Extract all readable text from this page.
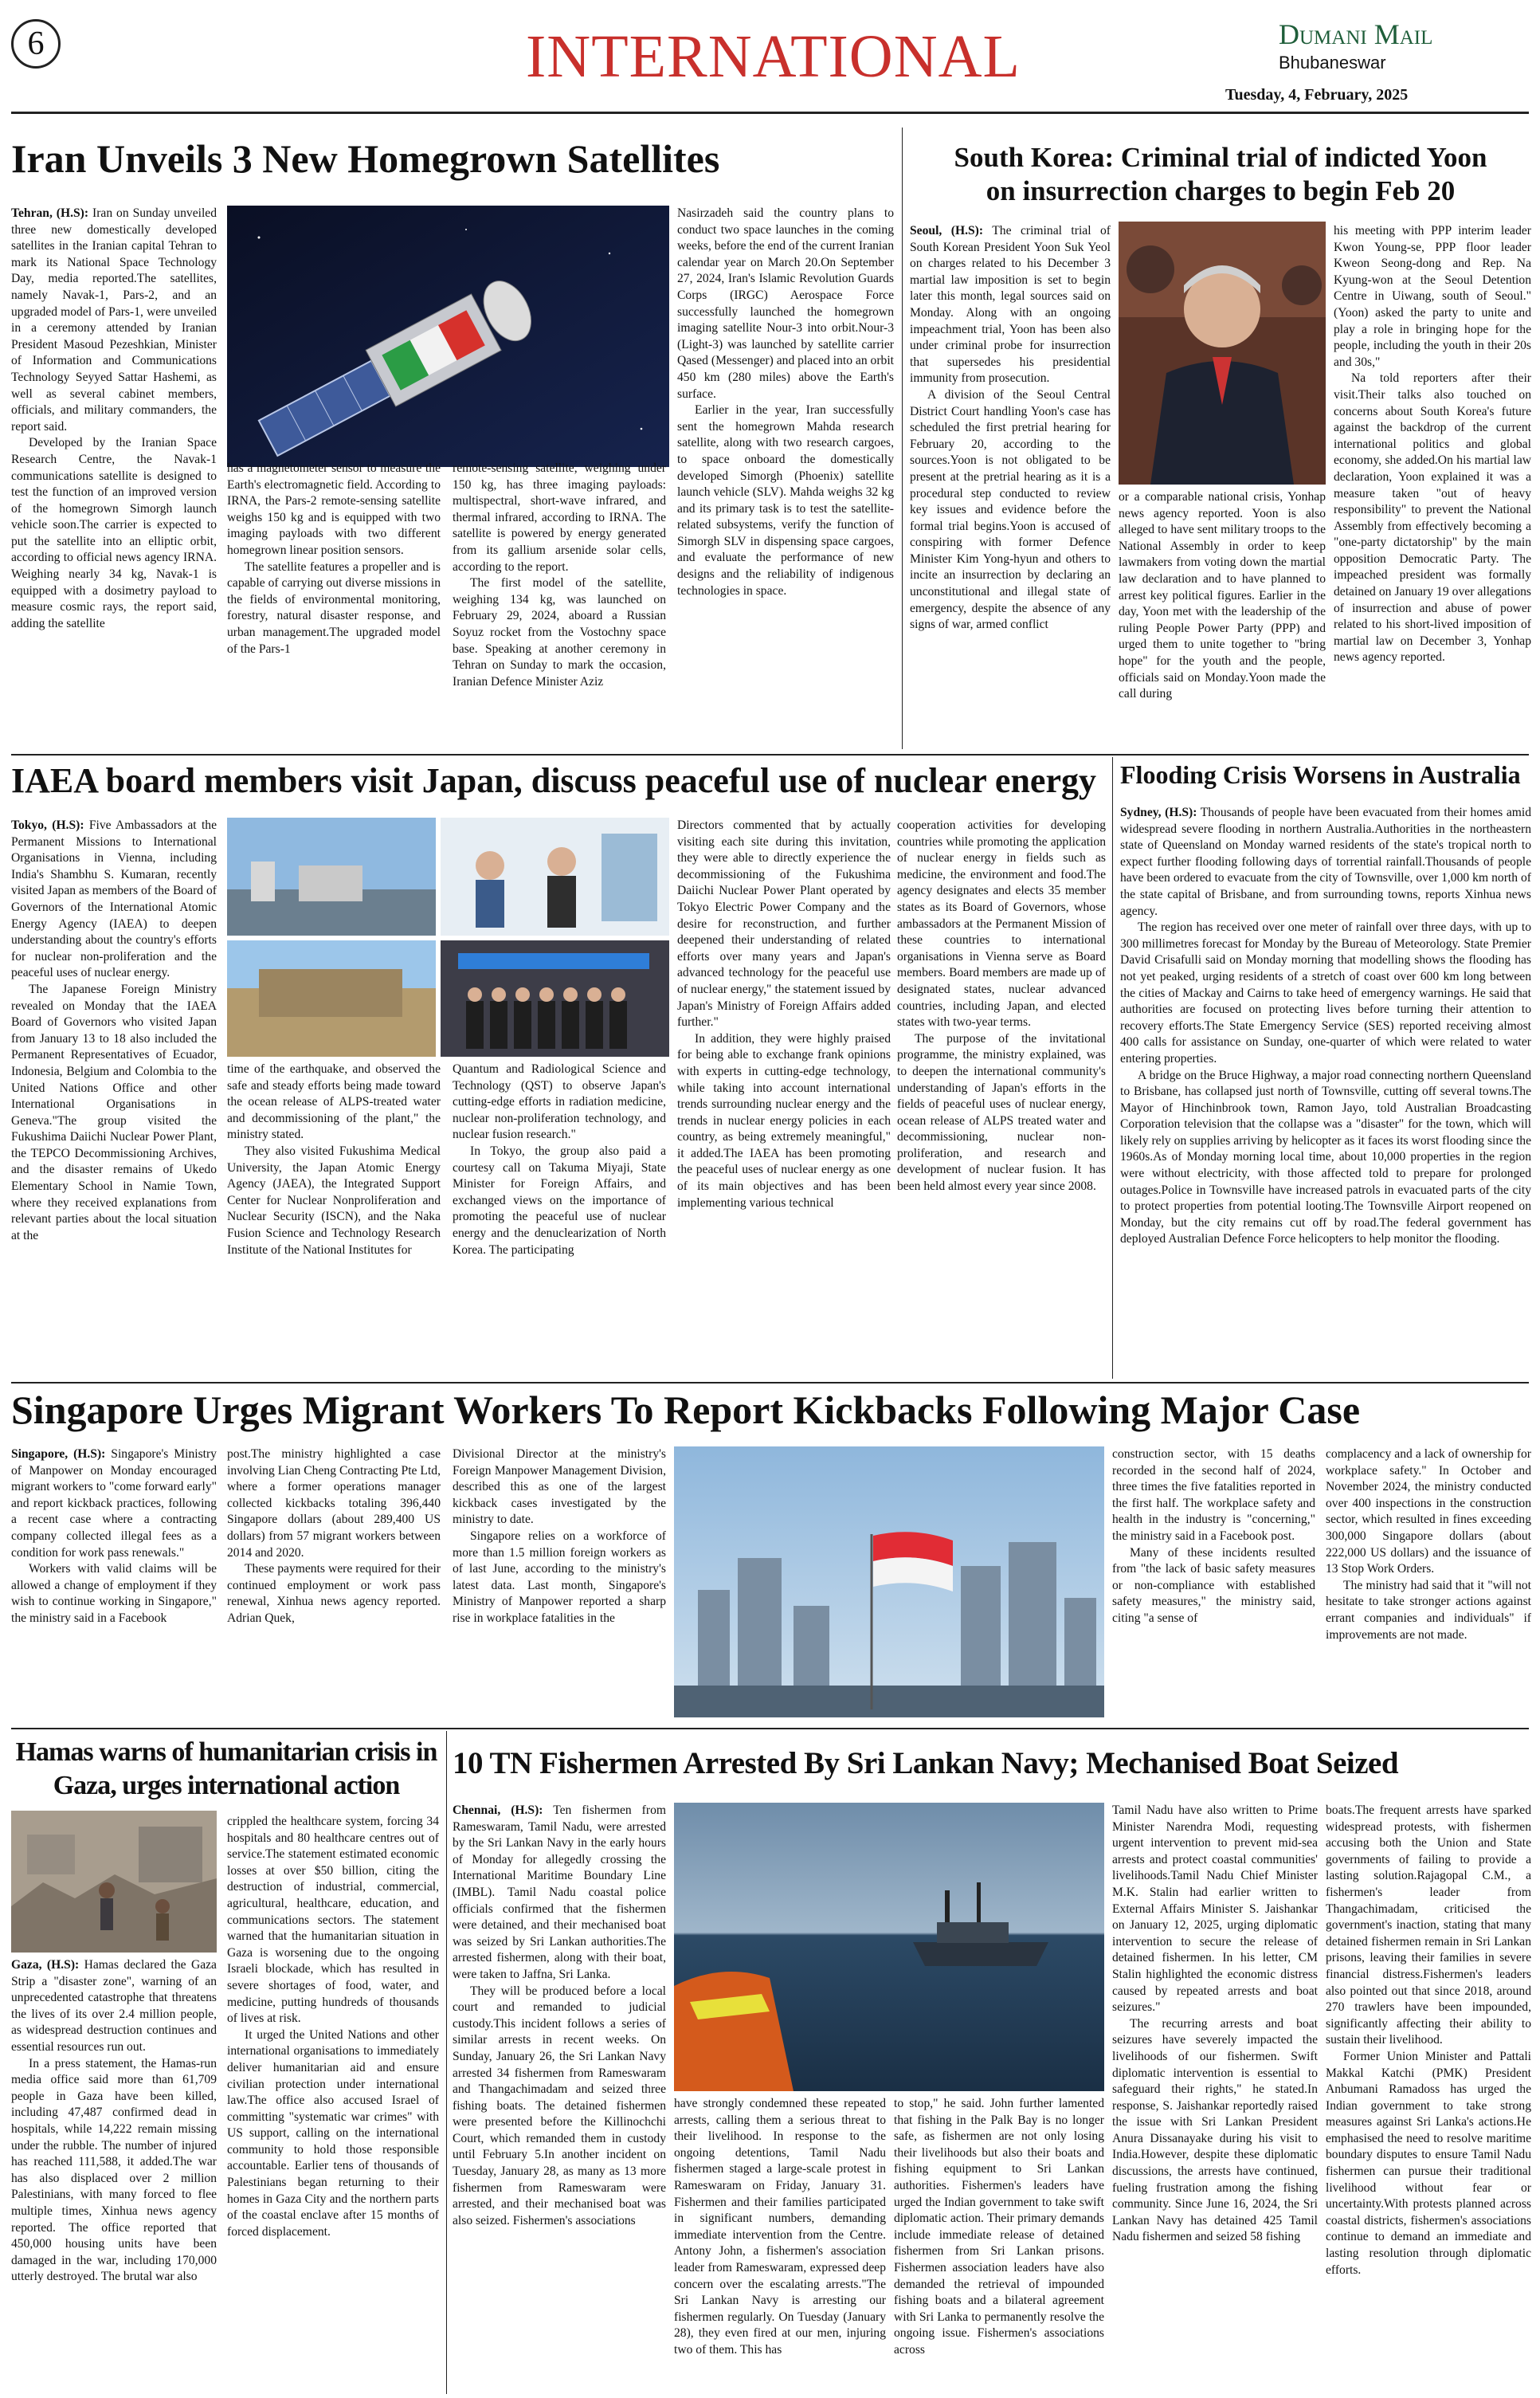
6	INTERNATIONAL	Dumani Mail
Bhubaneswar
Tuesday, 4, February, 2025
Iran Unveils 3 New Homegrown Satellites

Tehran, (H.S): Iran on Sunday unveiled three new domestically developed satellites in the Iranian capital Tehran to mark its National Space Technology Day, media reported.The satellites, namely Navak-1, Pars-2, and an upgraded model of Pars-1, were unveiled in a ceremony attended by Iranian President Masoud Pezeshkian, Minister of Information and Communications Technology Seyyed Sattar Hashemi, as well as several cabinet members, officials, and military commanders, the report said.

Developed by the Iranian Space Research Centre, the Navak-1 communications satellite is designed to test the function of an improved version of the homegrown Simorgh launch vehicle soon.The carrier is expected to put the satellite into an elliptic orbit, according to official news agency IRNA. Weighing nearly 34 kg, Navak-1 is equipped with a dosimetry payload to measure cosmic rays, the report said, adding the satellite

has a magnetometer sensor to measure the Earth's electromagnetic field. According to IRNA, the Pars-2 remote-sensing satellite weighs 150 kg and is equipped with two imaging payloads with two different homegrown linear position sensors.

The satellite features a propeller and is capable of carrying out diverse missions in the fields of environmental monitoring, forestry, natural disaster response, and urban management.The upgraded model of the Pars-1

remote-sensing satellite, weighing under 150 kg, has three imaging payloads: multispectral, short-wave infrared, and thermal infrared, according to IRNA. The satellite is powered by energy generated from its gallium arsenide solar cells, according to the report.

The first model of the satellite, weighing 134 kg, was launched on February 29, 2024, aboard a Russian Soyuz rocket from the Vostochny space base. Speaking at another ceremony in Tehran on Sunday to mark the occasion, Iranian Defence Minister Aziz

Nasirzadeh said the country plans to conduct two space launches in the coming weeks, before the end of the current Iranian calendar year on March 20.On September 27, 2024, Iran's Islamic Revolution Guards Corps (IRGC) Aerospace Force successfully launched the homegrown imaging satellite Nour-3 into orbit.Nour-3 (Light-3) was launched by satellite carrier Qased (Messenger) and placed into an orbit 450 km (280 miles) above the Earth's surface.

Earlier in the year, Iran successfully sent the homegrown Mahda research satellite, along with two research cargoes, to space onboard the domestically developed Simorgh (Phoenix) satellite launch vehicle (SLV). Mahda weighs 32 kg and its primary task is to test the satellite-related subsystems, verify the function of Simorgh SLV in dispensing space cargoes, and evaluate the performance of new designs and the reliability of indigenous technologies in space.

South Korea: Criminal trial of indicted Yoon
on insurrection charges to begin Feb 20

Seoul, (H.S): The criminal trial of South Korean President Yoon Suk Yeol on charges related to his December 3 martial law imposition is set to begin later this month, legal sources said on Monday. Along with an ongoing impeachment trial, Yoon has been also under criminal probe for insurrection that supersedes his presidential immunity from prosecution.

A division of the Seoul Central District Court handling Yoon's case has scheduled the first pretrial hearing for February 20, according to the sources.Yoon is not obligated to be present at the pretrial hearing as it is a procedural step conducted to review key issues and evidence before the formal trial begins.Yoon is accused of conspiring with former Defence Minister Kim Yong-hyun and others to incite an insurrection by declaring an unconstitutional and illegal state of emergency, despite the absence of any signs of war, armed conflict

or a comparable national crisis, Yonhap news agency reported. Yoon is also alleged to have sent military troops to the National Assembly in order to keep lawmakers from voting down the martial law declaration and to have planned to arrest key political figures. Earlier in the day, Yoon met with the leadership of the ruling People Power Party (PPP) and urged them to unite together to "bring hope" for the youth and the people, officials said on Monday.Yoon made the call during

his meeting with PPP interim leader Kwon Young-se, PPP floor leader Kweon Seong-dong and Rep. Na Kyung-won at the Seoul Detention Centre in Uiwang, south of Seoul."(Yoon) asked the party to unite and play a role in bringing hope for the people, including the youth in their 20s and 30s,"

Na told reporters after their visit.Their talks also touched on concerns about South Korea's future against the backdrop of the current international politics and global economy, she added.On his martial law declaration, Yoon explained it was a measure taken "out of heavy responsibility" to prevent the National Assembly from effectively becoming a "one-party dictatorship" by the main opposition Democratic Party. The impeached president was formally detained on January 19 over allegations of insurrection and abuse of power related to his short-lived imposition of martial law on December 3, Yonhap news agency reported.

IAEA board members visit Japan, discuss peaceful use of nuclear energy

Tokyo, (H.S): Five Ambassadors at the Permanent Missions to International Organisations in Vienna, including India's Shambhu S. Kumaran, recently visited Japan as members of the Board of Governors of the International Atomic Energy Agency (IAEA) to deepen understanding about the country's efforts for nuclear non-proliferation and the peaceful uses of nuclear energy.

The Japanese Foreign Ministry revealed on Monday that the IAEA Board of Governors who visited Japan from January 13 to 18 also included the Permanent Representatives of Ecuador, Indonesia, Belgium and Colombia to the United Nations Office and other International Organisations in Geneva."The group visited the Fukushima Daiichi Nuclear Power Plant, the TEPCO Decommissioning Archives, and the disaster remains of Ukedo Elementary School in Namie Town, where they received explanations from relevant parties about the local situation at the

time of the earthquake, and observed the safe and steady efforts being made toward the ocean release of ALPS-treated water and decommissioning of the plant," the ministry stated.

They also visited Fukushima Medical University, the Japan Atomic Energy Agency (JAEA), the Integrated Support Center for Nuclear Nonproliferation and Nuclear Security (ISCN), and the Naka Fusion Science and Technology Research Institute of the National Institutes for

Quantum and Radiological Science and Technology (QST) to observe Japan's cutting-edge efforts in radiation medicine, nuclear non-proliferation technology, and nuclear fusion research."

In Tokyo, the group also paid a courtesy call on Takuma Miyaji, State Minister for Foreign Affairs, and exchanged views on the importance of promoting the peaceful use of nuclear energy and the denuclearization of North Korea. The participating

Directors commented that by actually visiting each site during this invitation, they were able to directly experience the decommissioning of the Fukushima Daiichi Nuclear Power Plant operated by Tokyo Electric Power Company and the desire for reconstruction, and further deepened their understanding of related efforts over many years and Japan's advanced technology for the peaceful use of nuclear energy," the statement issued by Japan's Ministry of Foreign Affairs added further."

In addition, they were highly praised for being able to exchange frank opinions with experts in cutting-edge technology, while taking into account international trends surrounding nuclear energy and the trends in nuclear energy policies in each country, as being extremely meaningful," it added.The IAEA has been promoting the peaceful uses of nuclear energy as one of its main objectives and has been implementing various technical

cooperation activities for developing countries while promoting the application of nuclear energy in fields such as medicine, the environment and food.The agency designates and elects 35 member states as its Board of Governors, whose ambassadors at the Permanent Mission of these countries to international organisations in Vienna serve as Board members. Board members are made up of designated states, nuclear advanced countries, including Japan, and elected states with two-year terms.

The purpose of the invitational programme, the ministry explained, was to deepen the international community's understanding of Japan's efforts in the fields of peaceful uses of nuclear energy, ocean release of ALPS treated water and decommissioning, nuclear non-proliferation, and research and development of nuclear fusion. It has been held almost every year since 2008.

Flooding Crisis Worsens in Australia

Sydney, (H.S): Thousands of people have been evacuated from their homes amid widespread severe flooding in northern Australia.Authorities in the northeastern state of Queensland on Monday warned residents of the state's tropical north to expect further flooding following days of torrential rainfall.Thousands of people have been ordered to evacuate from the city of Townsville, over 1,000 km north of the state capital of Brisbane, and from surrounding towns, reports Xinhua news agency.

The region has received over one meter of rainfall over three days, with up to 300 millimetres forecast for Monday by the Bureau of Meteorology. State Premier David Crisafulli said on Monday morning that modelling shows the flooding has not yet peaked, urging residents of a stretch of coast over 600 km long between the cities of Mackay and Cairns to take heed of emergency warnings. He said that authorities are focused on protecting lives before turning their attention to recovery efforts.The State Emergency Service (SES) reported receiving almost 400 calls for assistance on Sunday, one-quarter of which were related to water entering properties.

A bridge on the Bruce Highway, a major road connecting northern Queensland to Brisbane, has collapsed just north of Townsville, cutting off several towns.The Mayor of Hinchinbrook town, Ramon Jayo, told Australian Broadcasting Corporation television that the collapse was a "disaster" for the town, which will likely rely on supplies arriving by helicopter as it faces its worst flooding since the 1960s.As of Monday morning local time, about 10,000 properties in the region were without electricity, with those affected told to prepare for prolonged outages.Police in Townsville have increased patrols in evacuated parts of the city to protect properties from potential looting.The Townsville Airport reopened on Monday, but the city remains cut off by road.The federal government has deployed Australian Defence Force helicopters to help monitor the flooding.

Singapore Urges Migrant Workers To Report Kickbacks Following Major Case

Singapore, (H.S): Singapore's Ministry of Manpower on Monday encouraged migrant workers to "come forward early" and report kickback practices, following a recent case where a contracting company collected illegal fees as a condition for work pass renewals."

Workers with valid claims will be allowed a change of employment if they wish to continue working in Singapore," the ministry said in a Facebook

post.The ministry highlighted a case involving Lian Cheng Contracting Pte Ltd, where a former operations manager collected kickbacks totaling 396,440 Singapore dollars (about 289,400 US dollars) from 57 migrant workers between 2014 and 2020.

These payments were required for their continued employment or work pass renewal, Xinhua news agency reported. Adrian Quek,

Divisional Director at the ministry's Foreign Manpower Management Division, described this as one of the largest kickback cases investigated by the ministry to date.

Singapore relies on a workforce of more than 1.5 million foreign workers as of last June, according to the ministry's latest data. Last month, Singapore's Ministry of Manpower reported a sharp rise in workplace fatalities in the

construction sector, with 15 deaths recorded in the second half of 2024, three times the five fatalities reported in the first half. The workplace safety and health in the industry is "concerning," the ministry said in a Facebook post.

Many of these incidents resulted from "the lack of basic safety measures or non-compliance with established safety measures," the ministry said, citing "a sense of

complacency and a lack of ownership for workplace safety." In October and November 2024, the ministry conducted over 400 inspections in the construction sector, which resulted in fines exceeding 300,000 Singapore dollars (about 222,000 US dollars) and the issuance of 13 Stop Work Orders.

The ministry had said that it "will not hesitate to take stronger actions against errant companies and individuals" if improvements are not made.

Hamas warns of humanitarian crisis in
Gaza, urges international action

Gaza, (H.S): Hamas declared the Gaza Strip a "disaster zone", warning of an unprecedented catastrophe that threatens the lives of its over 2.4 million people, as widespread destruction continues and essential resources run out.

In a press statement, the Hamas-run media office said more than 61,709 people in Gaza have been killed, including 47,487 confirmed dead in hospitals, while 14,222 remain missing under the rubble. The number of injured has reached 111,588, it added.The war has also displaced over 2 million Palestinians, with many forced to flee multiple times, Xinhua news agency reported. The office reported that 450,000 housing units have been damaged in the war, including 170,000 utterly destroyed. The brutal war also

crippled the healthcare system, forcing 34 hospitals and 80 healthcare centres out of service.The statement estimated economic losses at over $50 billion, citing the destruction of industrial, commercial, agricultural, healthcare, education, and communications sectors. The statement warned that the humanitarian situation in Gaza is worsening due to the ongoing Israeli blockade, which has resulted in severe shortages of food, water, and medicine, putting hundreds of thousands of lives at risk.

It urged the United Nations and other international organisations to immediately deliver humanitarian aid and ensure civilian protection under international law.The office also accused Israel of committing "systematic war crimes" with US support, calling on the international community to hold those responsible accountable. Earlier tens of thousands of Palestinians began returning to their homes in Gaza City and the northern parts of the coastal enclave after 15 months of forced displacement.

10 TN Fishermen Arrested By Sri Lankan Navy; Mechanised Boat Seized

Chennai, (H.S): Ten fishermen from Rameswaram, Tamil Nadu, were arrested by the Sri Lankan Navy in the early hours of Monday for allegedly crossing the International Maritime Boundary Line (IMBL). Tamil Nadu coastal police officials confirmed that the fishermen were detained, and their mechanised boat was seized by Sri Lankan authorities.The arrested fishermen, along with their boat, were taken to Jaffna, Sri Lanka.

They will be produced before a local court and remanded to judicial custody.This incident follows a series of similar arrests in recent weeks. On Sunday, January 26, the Sri Lankan Navy arrested 34 fishermen from Rameswaram and Thangachimadam and seized three fishing boats. The detained fishermen were presented before the Killinochchi Court, which remanded them in custody until February 5.In another incident on Tuesday, January 28, as many as 13 more fishermen from Rameswaram were arrested, and their mechanised boat was also seized. Fishermen's associations

have strongly condemned these repeated arrests, calling them a serious threat to their livelihood. In response to the ongoing detentions, Tamil Nadu fishermen staged a large-scale protest in Rameswaram on Friday, January 31. Fishermen and their families participated in significant numbers, demanding immediate intervention from the Centre. Antony John, a fishermen's association leader from Rameswaram, expressed deep concern over the escalating arrests."The Sri Lankan Navy is arresting our fishermen regularly. On Tuesday (January 28), they even fired at our men, injuring two of them. This has

to stop," he said. John further lamented that fishing in the Palk Bay is no longer safe, as fishermen are not only losing their livelihoods but also their boats and fishing equipment to Sri Lankan authorities. Fishermen's leaders have urged the Indian government to take swift diplomatic action. Their primary demands include immediate release of detained fishermen from Sri Lankan prisons. Fishermen association leaders have also demanded the retrieval of impounded fishing boats and a bilateral agreement with Sri Lanka to permanently resolve the ongoing issue. Fishermen's associations across

Tamil Nadu have also written to Prime Minister Narendra Modi, requesting urgent intervention to prevent mid-sea arrests and protect coastal communities' livelihoods.Tamil Nadu Chief Minister M.K. Stalin had earlier written to External Affairs Minister S. Jaishankar on January 12, 2025, urging diplomatic intervention to secure the release of detained fishermen. In his letter, CM Stalin highlighted the economic distress caused by repeated arrests and boat seizures."

The recurring arrests and boat seizures have severely impacted the livelihoods of our fishermen. Swift diplomatic intervention is essential to safeguard their rights," he stated.In response, S. Jaishankar reportedly raised the issue with Sri Lankan President Anura Dissanayake during his visit to India.However, despite these diplomatic discussions, the arrests have continued, fueling frustration among the fishing community. Since June 16, 2024, the Sri Lankan Navy has detained 425 Tamil Nadu fishermen and seized 58 fishing

boats.The frequent arrests have sparked widespread protests, with fishermen accusing both the Union and State governments of failing to provide a lasting solution.Rajagopal C.M., a fishermen's leader from Thangachimadam, criticised the government's inaction, stating that many detained fishermen remain in Sri Lankan prisons, leaving their families in severe financial distress.Fishermen's leaders also pointed out that since 2018, around 270 trawlers have been impounded, significantly affecting their ability to sustain their livelihood.

Former Union Minister and Pattali Makkal Katchi (PMK) President Anbumani Ramadoss has urged the Indian government to take strong measures against Sri Lanka's actions.He emphasised the need to resolve maritime boundary disputes to ensure Tamil Nadu fishermen can pursue their traditional livelihood without fear or uncertainty.With protests planned across coastal districts, fishermen's associations continue to demand an immediate and lasting resolution through diplomatic efforts.
